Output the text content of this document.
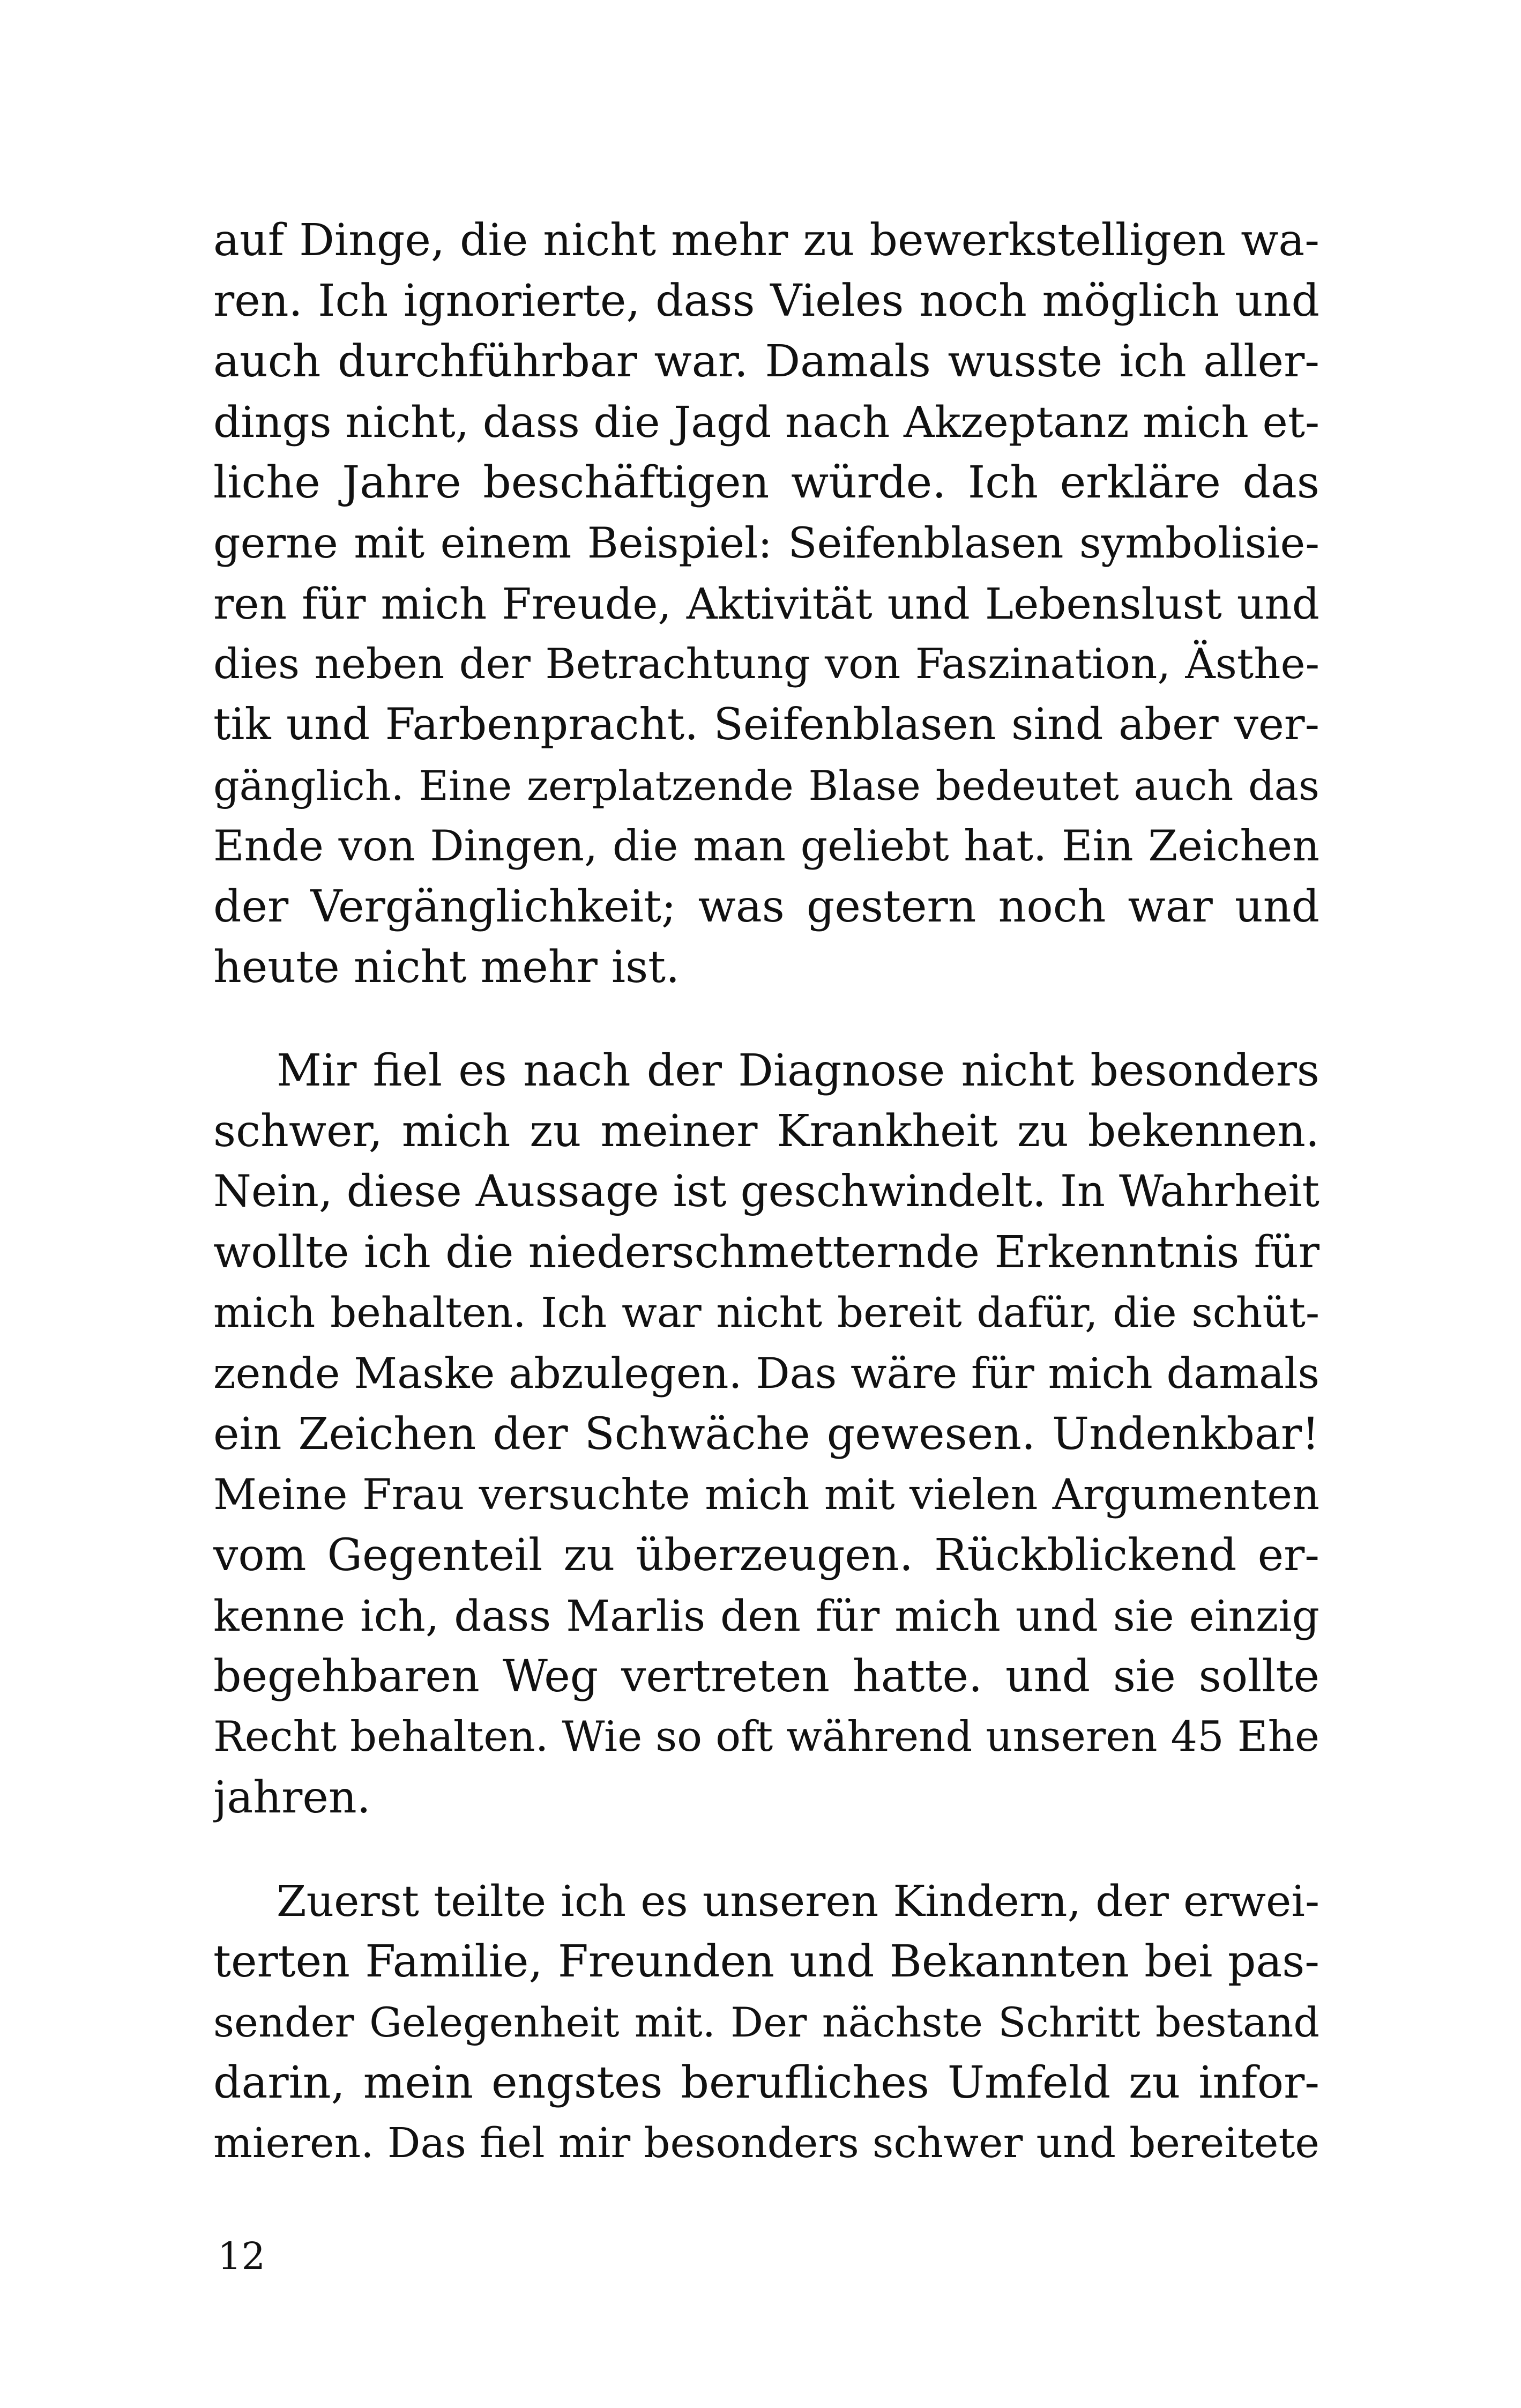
auf Dinge, die nicht mehr zu bewerkstelligen wa-
ren. Ich ignorierte, dass Vieles noch möglich und
auch durchführbar war. Damals wusste ich aller-
dings nicht, dass die Jagd nach Akzeptanz mich et-
liche Jahre beschäftigen würde. Ich erkläre das
gerne mit einem Beispiel: Seifenblasen symbolisie-
ren für mich Freude, Aktivität und Lebenslust und
dies neben der Betrachtung von Faszination, Ästhe-
tik und Farbenpracht. Seifenblasen sind aber ver-
gänglich. Eine zerplatzende Blase bedeutet auch das
Ende von Dingen, die man geliebt hat. Ein Zeichen
der Vergänglichkeit; was gestern noch war und
heute nicht mehr ist.
Mir fiel es nach der Diagnose nicht besonders
schwer, mich zu meiner Krankheit zu bekennen.
Nein, diese Aussage ist geschwindelt. In Wahrheit
wollte ich die niederschmetternde Erkenntnis für
mich behalten. Ich war nicht bereit dafür, die schüt-
zende Maske abzulegen. Das wäre für mich damals
ein Zeichen der Schwäche gewesen. Undenkbar!
Meine Frau versuchte mich mit vielen Argumenten
vom Gegenteil zu überzeugen. Rückblickend er-
kenne ich, dass Marlis den für mich und sie einzig
begehbaren Weg vertreten hatte. und sie sollte
Recht behalten. Wie so oft während unseren 45 Ehe
jahren.
Zuerst teilte ich es unseren Kindern, der erwei-
terten Familie, Freunden und Bekannten bei pas-
sender Gelegenheit mit. Der nächste Schritt bestand
darin, mein engstes berufliches Umfeld zu infor-
mieren. Das fiel mir besonders schwer und bereitete
12
